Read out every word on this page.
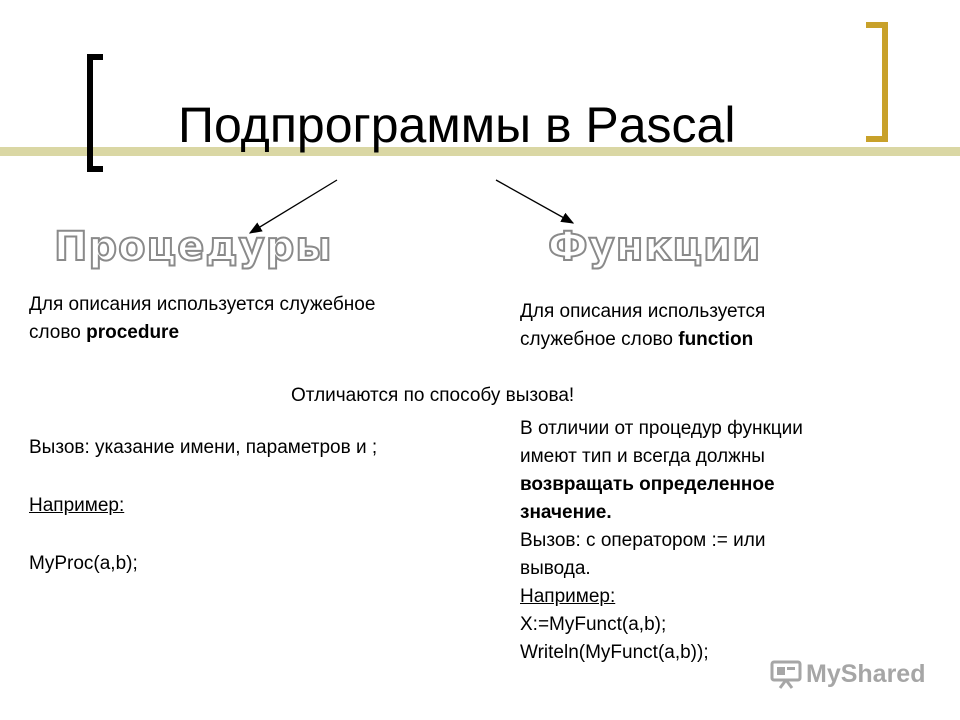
Подпрограммы в Pascal
Процедуры	Функции
Для описания используется служебное
слово procedure
Для описания используется
служебное слово function
Отличаются по способу вызова!
Вызов: указание имени, параметров и ;
Например:
MyProc(a,b);
В отличии от процедур функции
имеют тип и всегда должны
возвращать определенное
значение.
Вызов: с оператором := или
вывода.
Например:
X:=MyFunct(a,b);
Writeln(MyFunct(a,b));
MyShared
